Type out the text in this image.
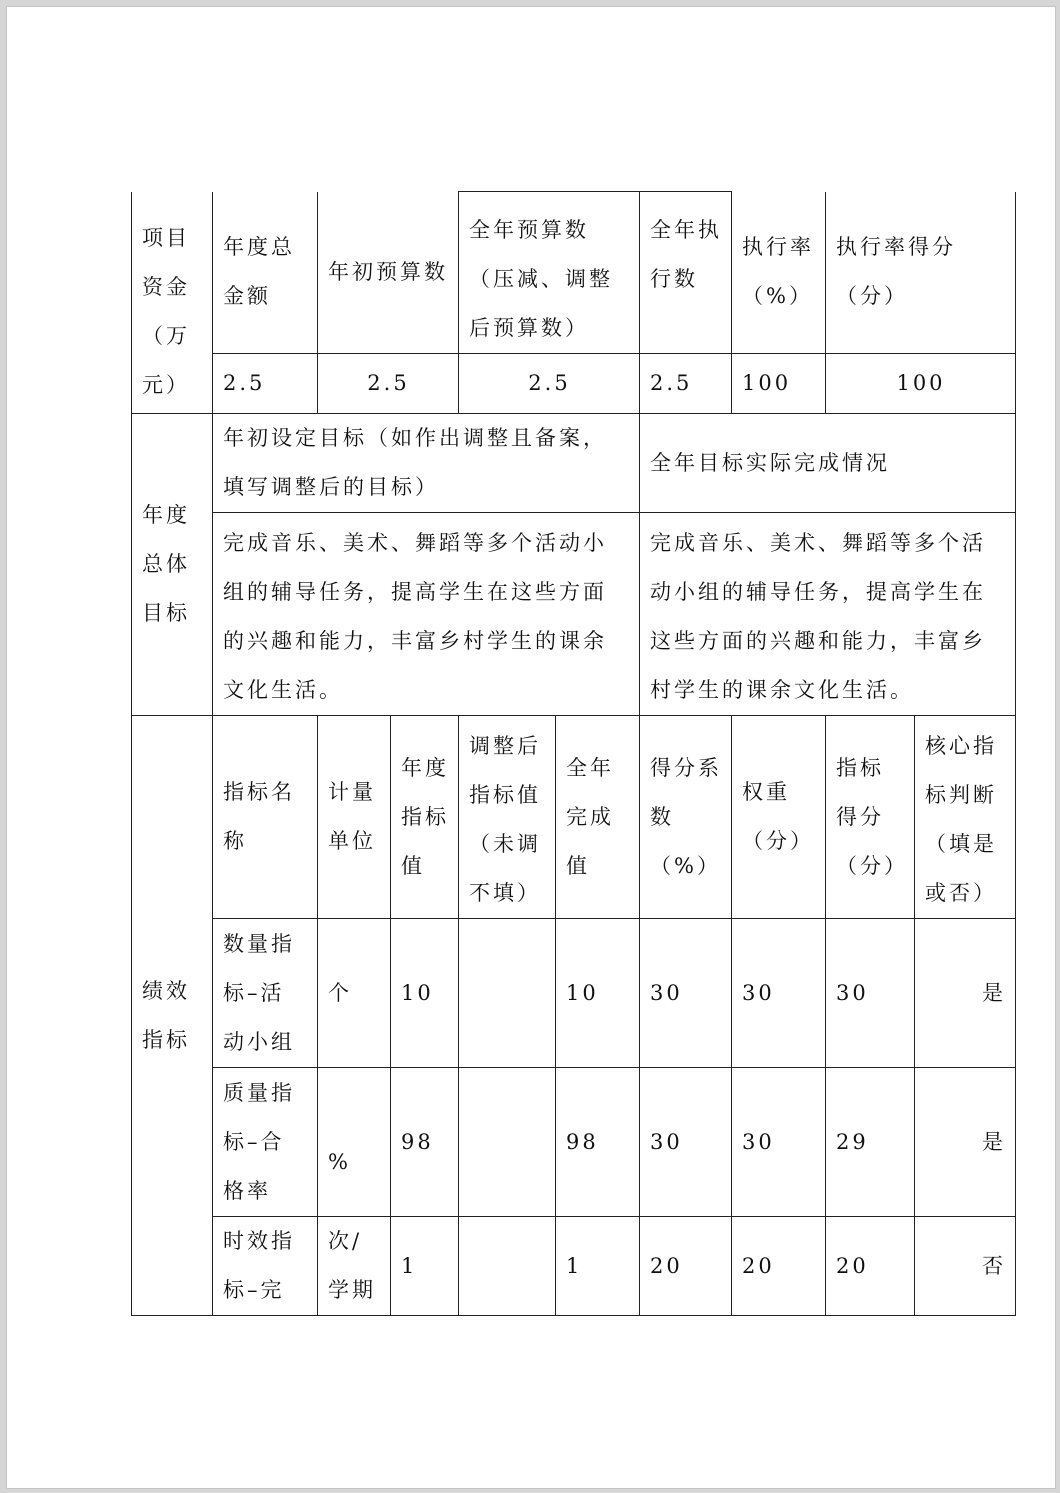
项目资金（万元）	年度总金额	年初预算数		全年预算数（压减、调整后预算数）		全年执行数	执行率（%）	执行率得分（分）	
	2.5	2.5		2.5		2.5	100	100	
年度总体目标	年初设定目标（如作出调整且备案，填写调整后的目标）					全年目标实际完成情况			
	完成音乐、美术、舞蹈等多个活动小组的辅导任务，提高学生在这些方面的兴趣和能力，丰富乡村学生的课余文化生活。					完成音乐、美术、舞蹈等多个活动小组的辅导任务，提高学生在这些方面的兴趣和能力，丰富乡村学生的课余文化生活。			
绩效指标	指标名称	计量单位	年度指标值	调整后指标值（未调不填）	全年完成值	得分系数（%）	权重（分）	指标得分（分）	核心指标判断（填是或否）
	数量指标–活动小组	个	10		10	30	30	30	是
	质量指标–合格率	%	98		98	30	30	29	是
	时效指标–完	次/学期	1		1	20	20	20	否
